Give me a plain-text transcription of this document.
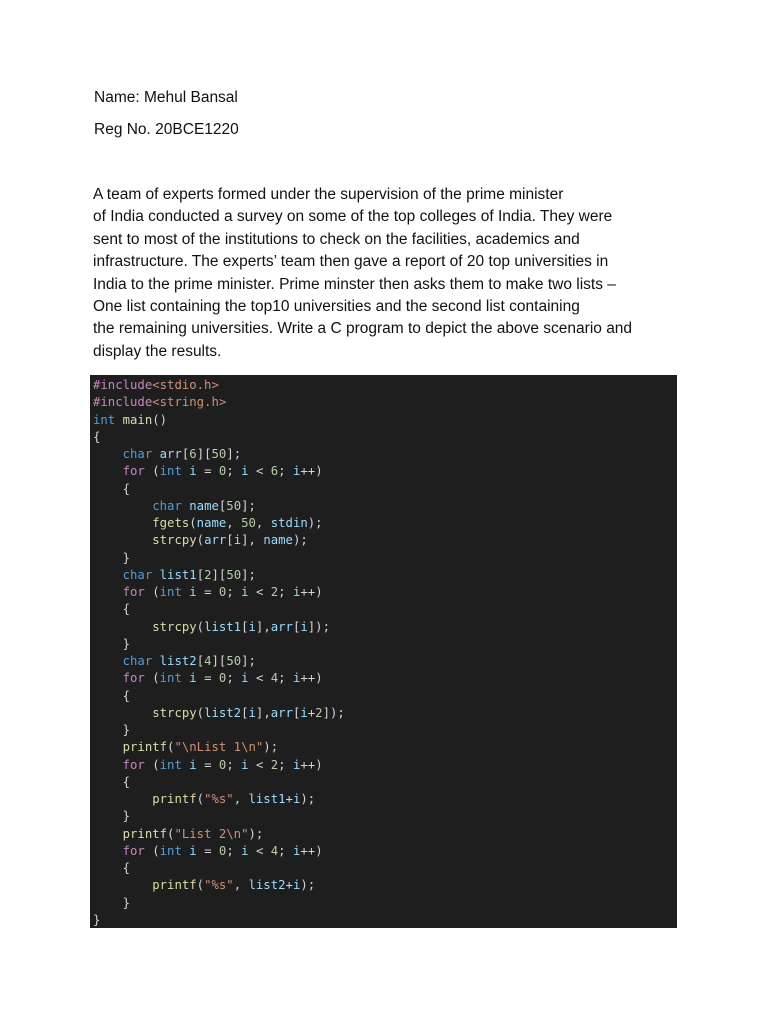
Name: Mehul Bansal
Reg No. 20BCE1220

A team of experts formed under the supervision of the prime minister
of India conducted a survey on some of the top colleges of India. They were
sent to most of the institutions to check on the facilities, academics and
infrastructure. The experts’ team then gave a report of 20 top universities in
India to the prime minister. Prime minster then asks them to make two lists –
One list containing the top10 universities and the second list containing
the remaining universities. Write a C program to depict the above scenario and
display the results.

#include<stdio.h>
#include<string.h>
int main()
{
char arr[6][50];
for (int i = 0; i < 6; i++)
{
char name[50];
fgets(name, 50, stdin);
strcpy(arr[i], name);
}
char list1[2][50];
for (int i = 0; i < 2; i++)
{
strcpy(list1[i],arr[i]);
}
char list2[4][50];
for (int i = 0; i < 4; i++)
{
strcpy(list2[i],arr[i+2]);
}
printf("\nList 1\n");
for (int i = 0; i < 2; i++)
{
printf("%s", list1+i);
}
printf("List 2\n");
for (int i = 0; i < 4; i++)
{
printf("%s", list2+i);
}
}
